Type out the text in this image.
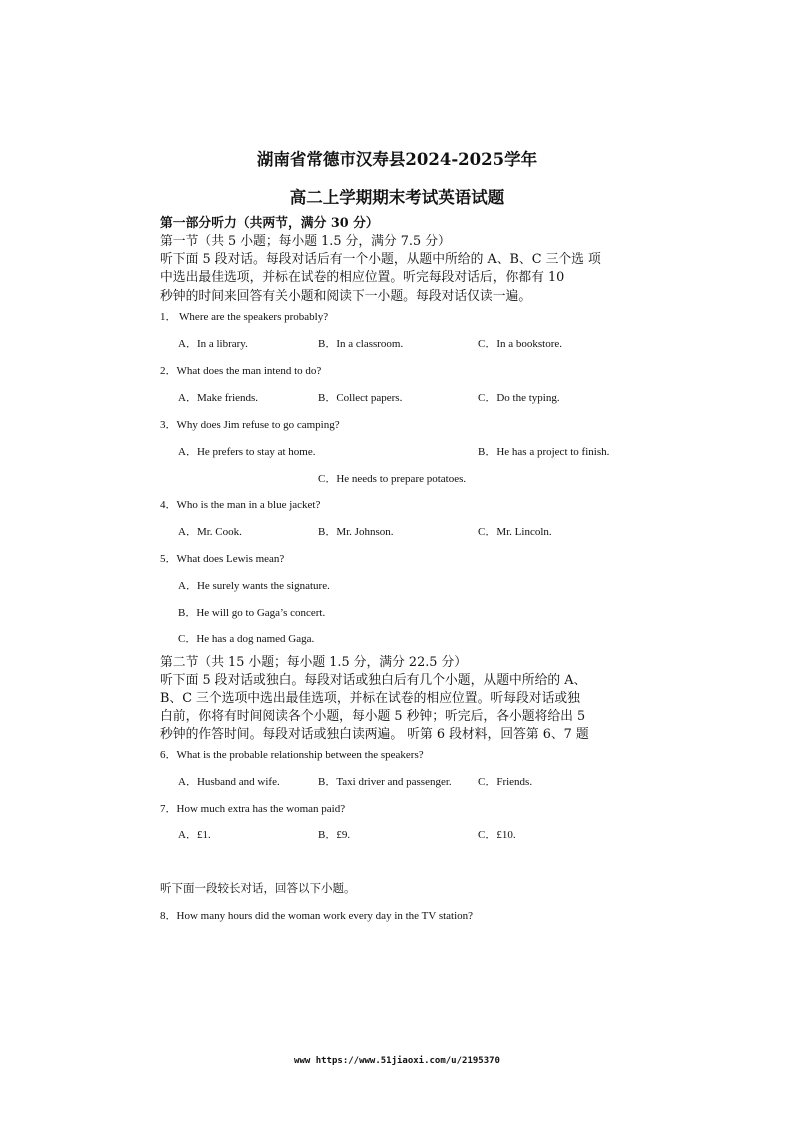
湖南省常德市汉寿县2024-2025学年
高二上学期期末考试英语试题
第一部分听力（共两节，满分 30 分）
第一节（共 5 小题；每小题 1.5 分，满分 7.5 分）
听下面 5 段对话。每段对话后有一个小题，从题中所给的 A、B、C 三个选 项
中选出最佳选项，并标在试卷的相应位置。听完每段对话后，你都有 10
秒钟的时间来回答有关小题和阅读下一小题。每段对话仅读一遍。
1． Where are the speakers probably?
A．In a library.	B．In a classroom.	C．In a bookstore.
2．What does the man intend to do?
A．Make friends.	B．Collect papers.	C．Do the typing.
3．Why does Jim refuse to go camping?
A．He prefers to stay at home.	B．He has a project to finish.
C．He needs to prepare potatoes.
4．Who is the man in a blue jacket?
A．Mr. Cook.	B．Mr. Johnson.	C．Mr. Lincoln.
5．What does Lewis mean?
A．He surely wants the signature.
B．He will go to Gaga’s concert.
C．He has a dog named Gaga.
第二节（共 15 小题；每小题 1.5 分，满分 22.5 分）
听下面 5 段对话或独白。每段对话或独白后有几个小题，从题中所给的 A、
B、C 三个选项中选出最佳选项，并标在试卷的相应位置。听每段对话或独
白前，你将有时间阅读各个小题，每小题 5 秒钟；听完后，各小题将给出 5
秒钟的作答时间。每段对话或独白读两遍。 听第 6 段材料，回答第 6、7 题
6．What is the probable relationship between the speakers?
A．Husband and wife.	B．Taxi driver and passenger. C．Friends.
7．How much extra has the woman paid?
A．£1.	B．£9.	C．£10.
听下面一段较长对话，回答以下小题。
8．How many hours did the woman work every day in the TV station?
www https://www.51jiaoxi.com/u/2195370
